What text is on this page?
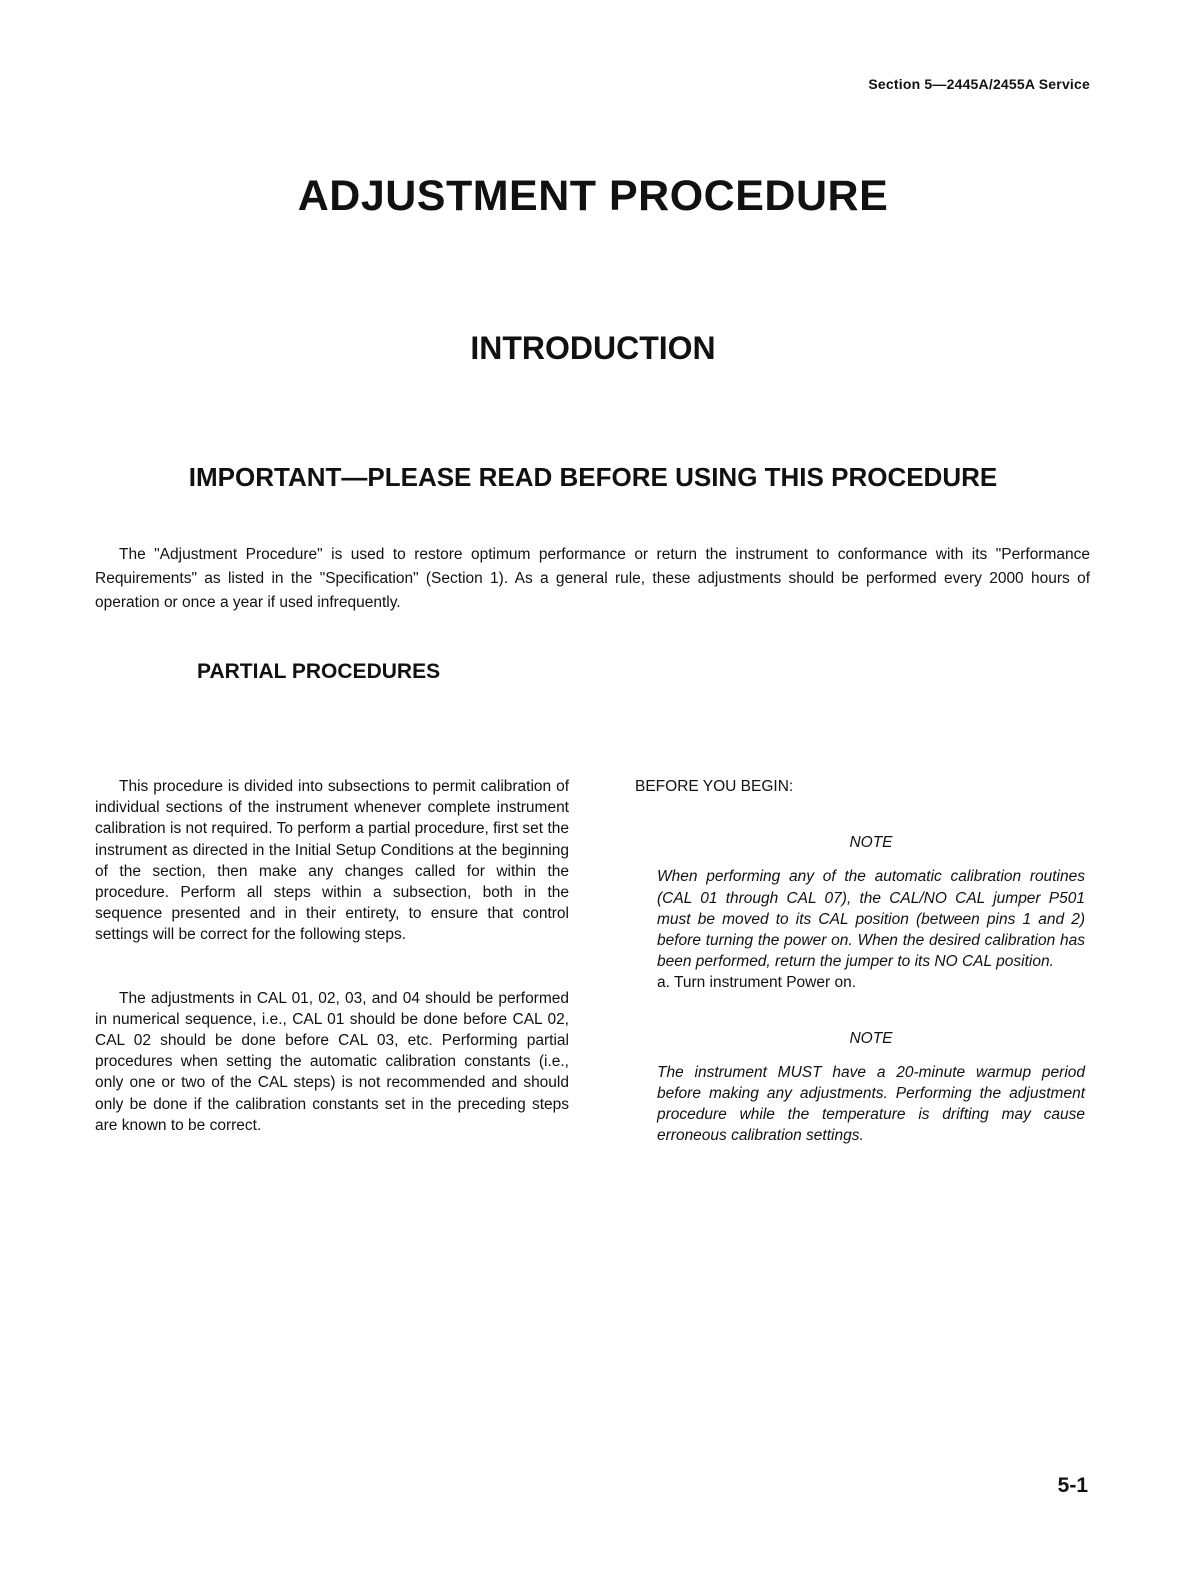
Section 5—2445A/2455A Service
ADJUSTMENT PROCEDURE
INTRODUCTION
IMPORTANT—PLEASE READ BEFORE USING THIS PROCEDURE
The "Adjustment Procedure" is used to restore optimum performance or return the instrument to conformance with its "Performance Requirements" as listed in the "Specification" (Section 1). As a general rule, these adjustments should be performed every 2000 hours of operation or once a year if used infrequently.
PARTIAL PROCEDURES

This procedure is divided into subsections to permit calibration of individual sections of the instrument whenever complete instrument calibration is not required. To perform a partial procedure, first set the instrument as directed in the Initial Setup Conditions at the beginning of the section, then make any changes called for within the procedure. Perform all steps within a subsection, both in the sequence presented and in their entirety, to ensure that control settings will be correct for the following steps.

The adjustments in CAL 01, 02, 03, and 04 should be performed in numerical sequence, i.e., CAL 01 should be done before CAL 02, CAL 02 should be done before CAL 03, etc. Performing partial procedures when setting the automatic calibration constants (i.e., only one or two of the CAL steps) is not recommended and should only be done if the calibration constants set in the preceding steps are known to be correct.

BEFORE YOU BEGIN:
NOTE
When performing any of the automatic calibration routines (CAL 01 through CAL 07), the CAL/NO CAL jumper P501 must be moved to its CAL position (between pins 1 and 2) before turning the power on. When the desired calibration has been performed, return the jumper to its NO CAL position.
a. Turn instrument Power on.
NOTE
The instrument MUST have a 20-minute warmup period before making any adjustments. Performing the adjustment procedure while the temperature is drifting may cause erroneous calibration settings.
5-1
